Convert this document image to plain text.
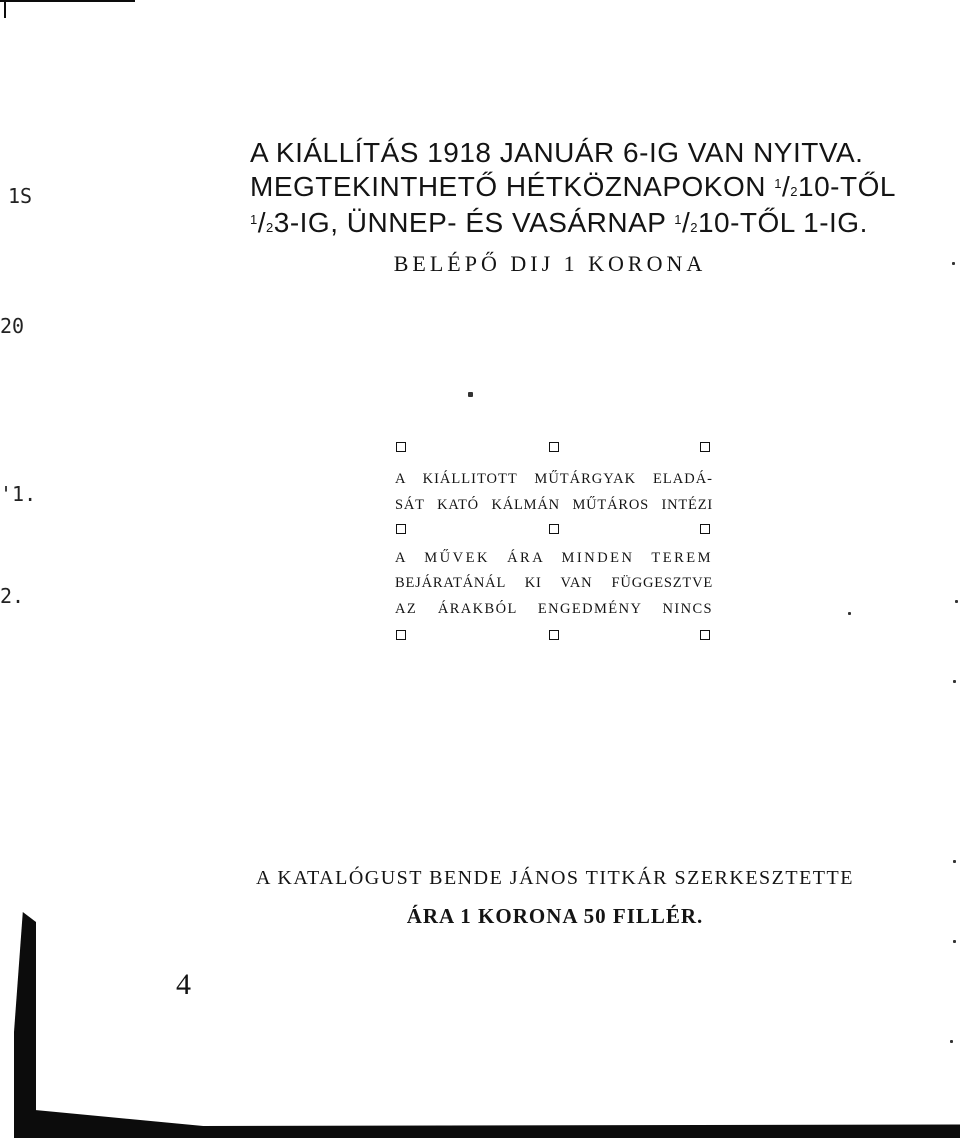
1S
20
'1.
2.
A KIÁLLÍTÁS 1918 JANUÁR 6-IG VAN NYITVA.
MEGTEKINTHETŐ HÉTKÖZNAPOKON $^1$/210-TŐL
$^1$/23-IG, ÜNNEP- ÉS VASÁRNAP $^1$/210-TŐL 1-IG.
BELÉPŐ DIJ 1 KORONA
A KIÁLLITOTT MŰTÁRGYAK ELADÁ-
SÁT KATÓ KÁLMÁN MŰTÁROS INTÉZI
A MŰVEK ÁRA MINDEN TEREM
BEJÁRATÁNÁL KI VAN FÜGGESZTVE
AZ ÁRAKBÓL ENGEDMÉNY NINCS
A KATALÓGUST BENDE JÁNOS TITKÁR SZERKESZTETTE
ÁRA 1 KORONA 50 FILLÉR.
4
